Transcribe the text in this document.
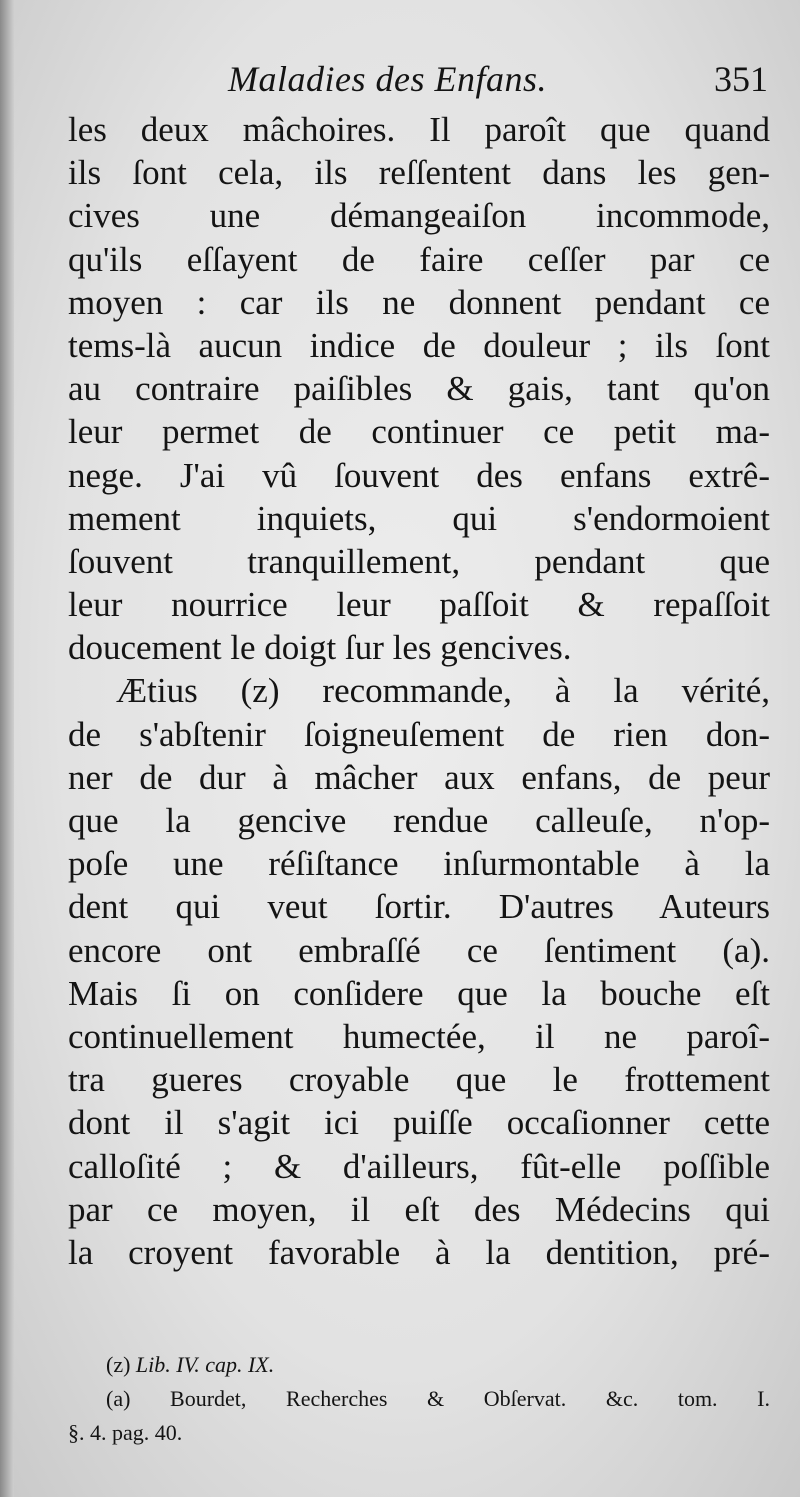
Maladies des Enfans.	351
les deux mâchoires. Il paroît que quand
ils ſont cela, ils reſſentent dans les gen-
cives une démangeaiſon incommode,
qu'ils eſſayent de faire ceſſer par ce
moyen : car ils ne donnent pendant ce
tems-là aucun indice de douleur ; ils ſont
au contraire paiſibles & gais, tant qu'on
leur permet de continuer ce petit ma-
nege. J'ai vû ſouvent des enfans extrê-
mement inquiets, qui s'endormoient
ſouvent tranquillement, pendant que
leur nourrice leur paſſoit & repaſſoit
doucement le doigt ſur les gencives.
Ætius (z) recommande, à la vérité,
de s'abſtenir ſoigneuſement de rien don-
ner de dur à mâcher aux enfans, de peur
que la gencive rendue calleuſe, n'op-
poſe une réſiſtance inſurmontable à la
dent qui veut ſortir. D'autres Auteurs
encore ont embraſſé ce ſentiment (a).
Mais ſi on conſidere que la bouche eſt
continuellement humectée, il ne paroî-
tra gueres croyable que le frottement
dont il s'agit ici puiſſe occaſionner cette
calloſité ; & d'ailleurs, fût-elle poſſible
par ce moyen, il eſt des Médecins qui
la croyent favorable à la dentition, pré-
(z) Lib. IV. cap. IX.
(a) Bourdet, Recherches & Obſervat. &c. tom. I.
§. 4. pag. 40.
